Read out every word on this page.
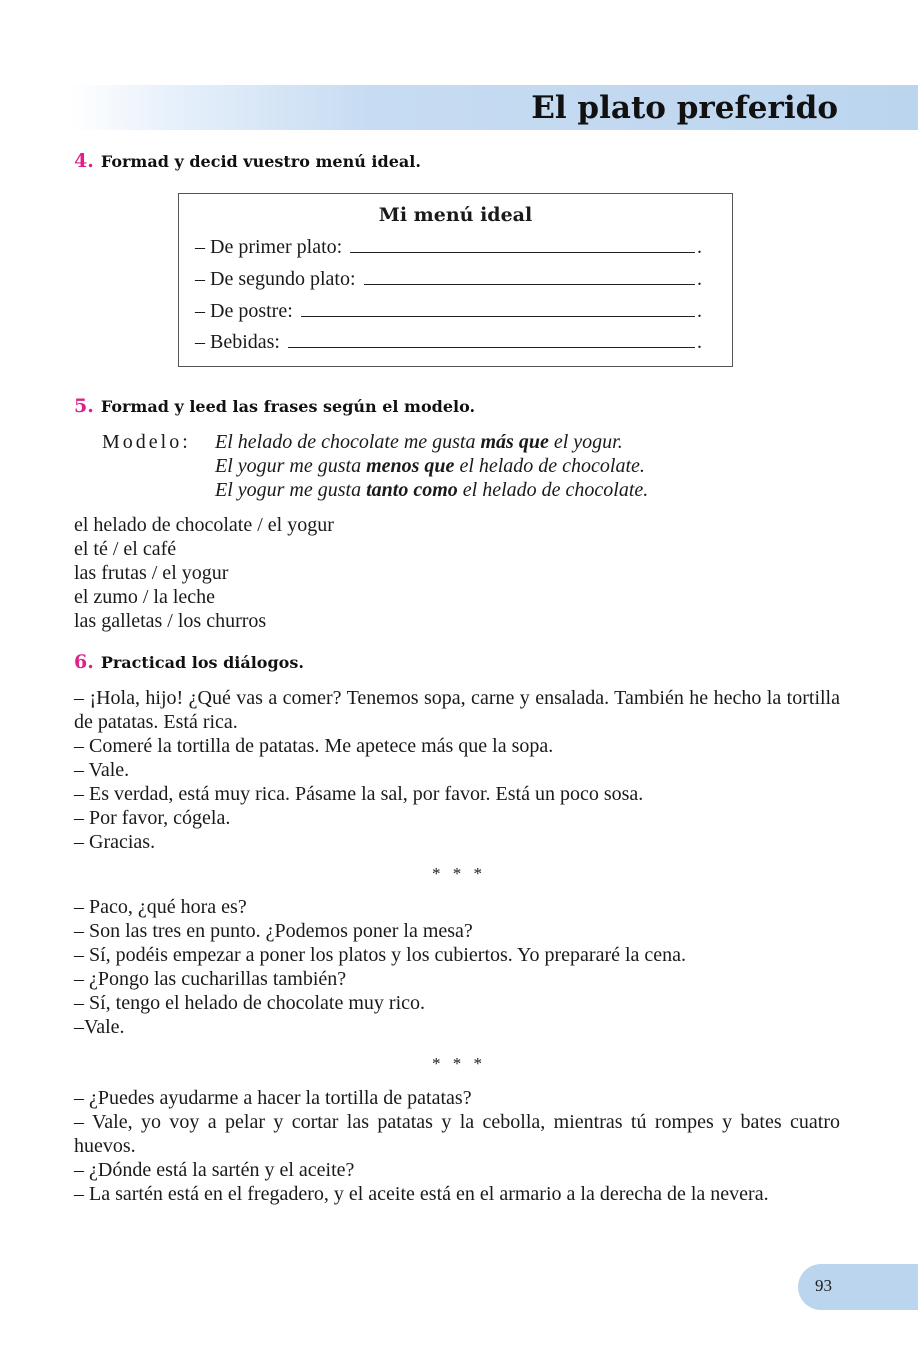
El plato preferido
4. Formad y decid vuestro menú ideal.

Mi menú ideal

– De primer plato:	.
– De segundo plato:	.
– De postre:	.
– Bebidas:	.
5. Formad y leed las frases según el modelo.
Modelo: El helado de chocolate me gusta más que el yogur.
El yogur me gusta menos que el helado de chocolate.
El yogur me gusta tanto como el helado de chocolate.

el helado de chocolate / el yogur

el té / el café

las frutas / el yogur

el zumo / la leche

las galletas / los churros

6. Practicad los diálogos.

– ¡Hola, hijo! ¿Qué vas a comer? Tenemos sopa, carne y ensalada. También he hecho la tortilla de patatas. Está rica.

– Comeré la tortilla de patatas. Me apetece más que la sopa.

– Vale.

– Es verdad, está muy rica. Pásame la sal, por favor. Está un poco sosa.

– Por favor, cógela.

– Gracias.

* * *

– Paco, ¿qué hora es?

– Son las tres en punto. ¿Podemos poner la mesa?

– Sí, podéis empezar a poner los platos y los cubiertos. Yo prepararé la cena.

– ¿Pongo las cucharillas también?

– Sí, tengo el helado de chocolate muy rico.

–Vale.

* * *

– ¿Puedes ayudarme a hacer la tortilla de patatas?

– Vale, yo voy a pelar y cortar las patatas y la cebolla, mientras tú rompes y bates cuatro huevos.

– ¿Dónde está la sartén y el aceite?

– La sartén está en el fregadero, y el aceite está en el armario a la derecha de la nevera.

93
